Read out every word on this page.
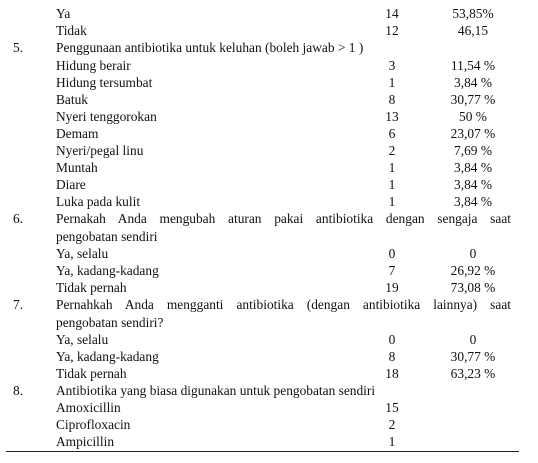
Ya	14	53,85%
Tidak	12	46,15
5. Penggunaan antibiotika untuk keluhan (boleh jawab > 1 )
Hidung berair	3	11,54 %
Hidung tersumbat	1	3,84 %
Batuk	8	30,77 %
Nyeri tenggorokan	13	50 %
Demam	6	23,07 %
Nyeri/pegal linu	2	7,69 %
Muntah	1	3,84 %
Diare	1	3,84 %
Luka pada kulit	1	3,84 %
6. Pernakah Anda mengubah aturan pakai antibiotika dengan sengaja saat
pengobatan sendiri
Ya, selalu	0	0
Ya, kadang-kadang	7	26,92 %
Tidak pernah	19	73,08 %
7. Pernahkah Anda mengganti antibiotika (dengan antibiotika lainnya) saat
pengobatan sendiri?
Ya, selalu	0	0
Ya, kadang-kadang	8	30,77 %
Tidak pernah	18	63,23 %
8. Antibiotika yang biasa digunakan untuk pengobatan sendiri
Amoxicillin	15
Ciprofloxacin	2
Ampicillin	1
